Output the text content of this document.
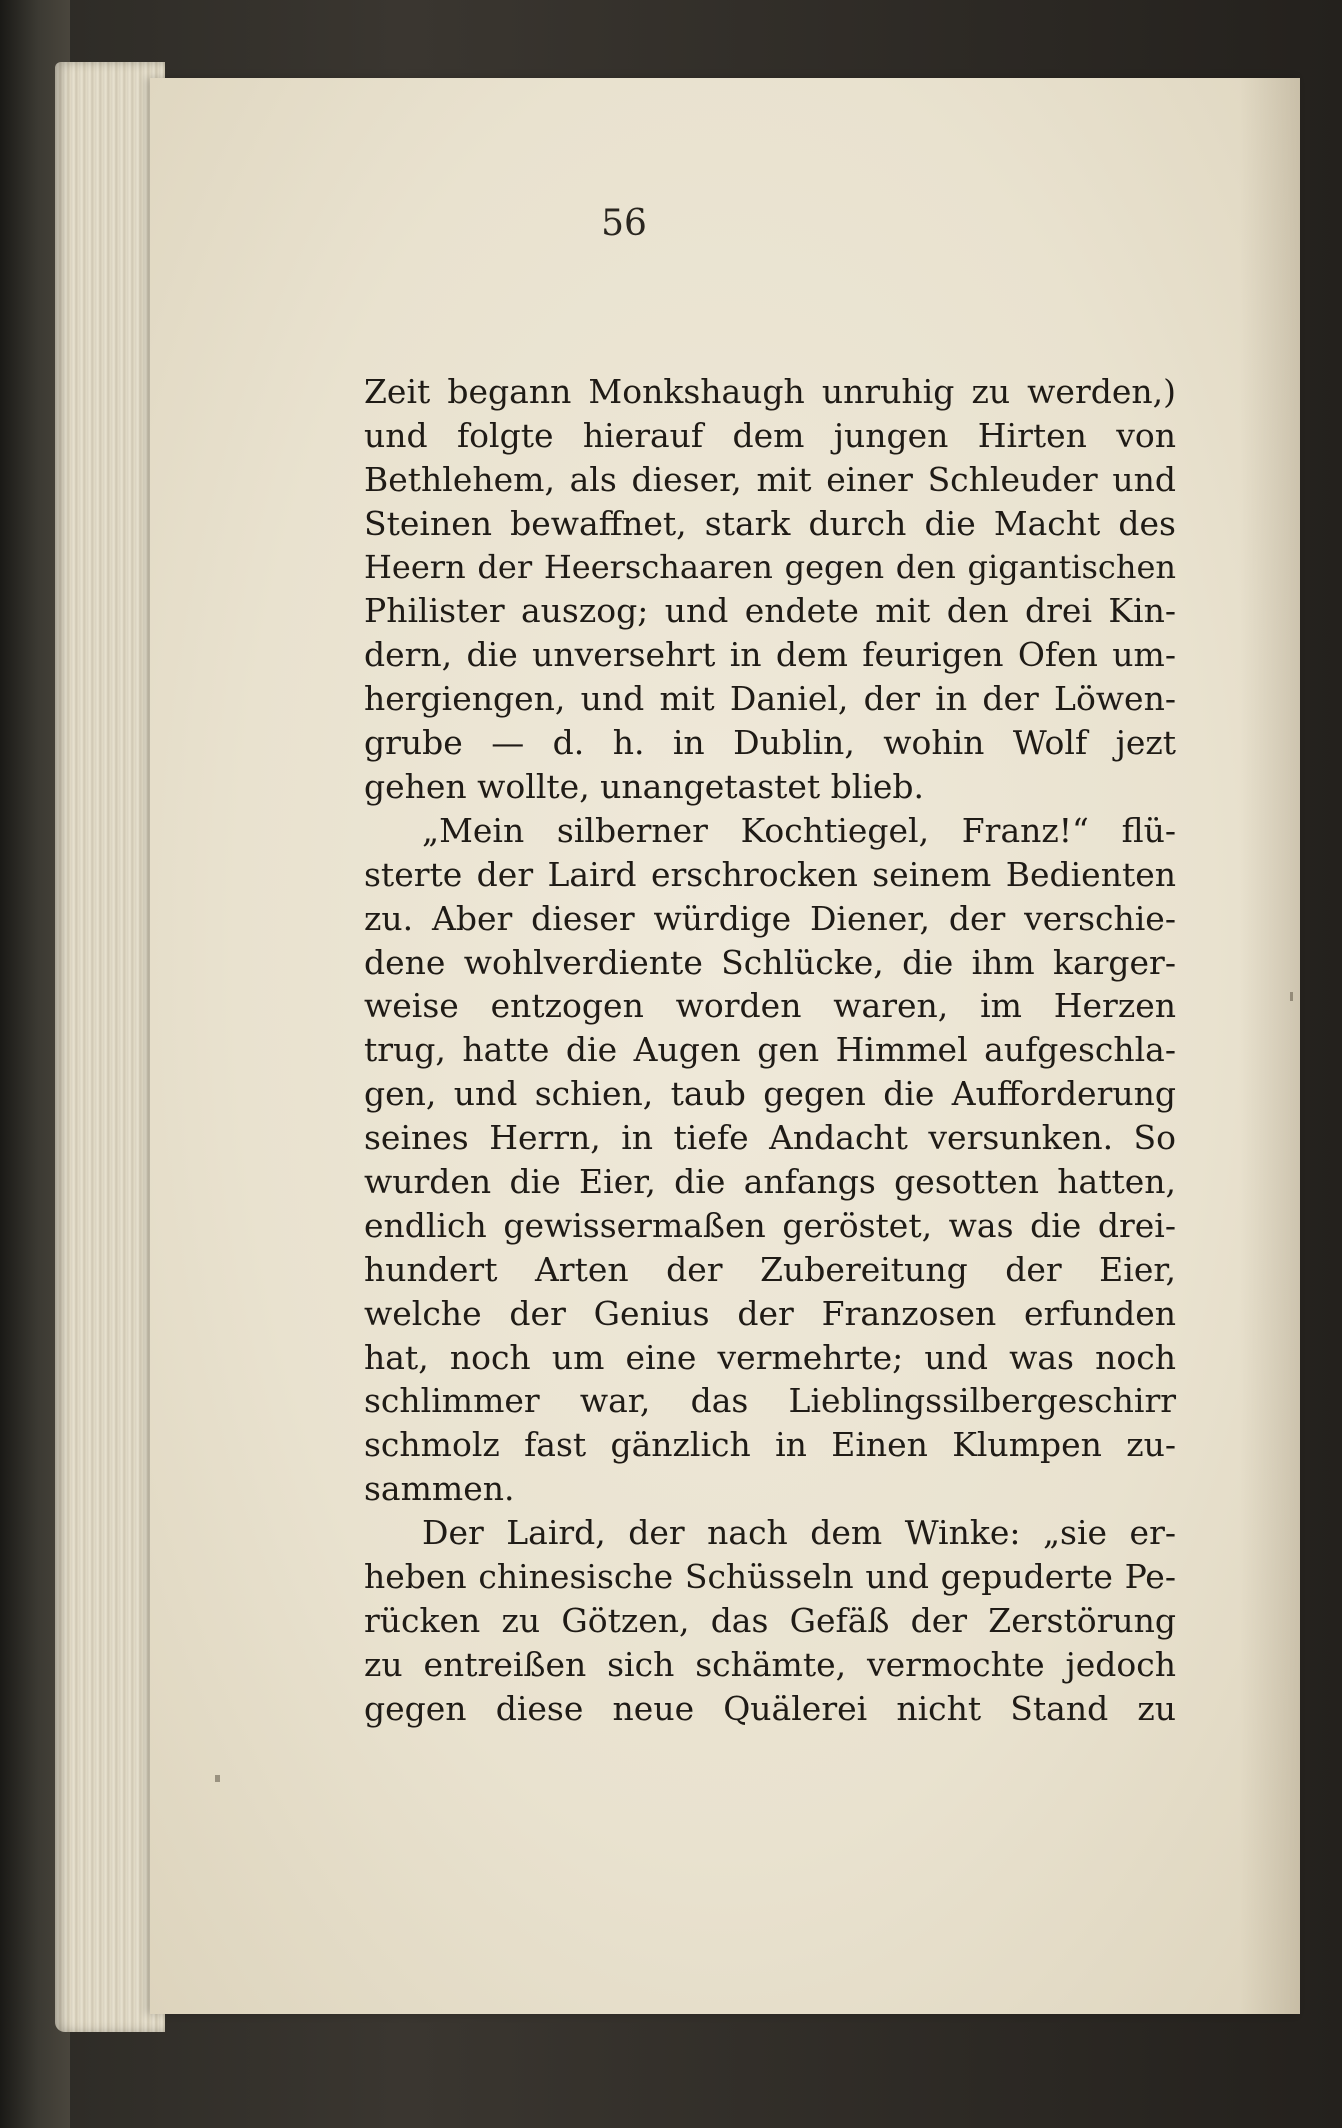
56
Zeit begann Monkshaugh unruhig zu werden,)
und folgte hierauf dem jungen Hirten von
Bethlehem, als dieser, mit einer Schleuder und
Steinen bewaffnet, stark durch die Macht des
Heern der Heerschaaren gegen den gigantischen
Philister auszog; und endete mit den drei Kin-
dern, die unversehrt in dem feurigen Ofen um-
hergiengen, und mit Daniel, der in der Löwen-
grube — d. h. in Dublin, wohin Wolf jezt
gehen wollte, unangetastet blieb.
„Mein silberner Kochtiegel, Franz!“ flü-
sterte der Laird erschrocken seinem Bedienten
zu. Aber dieser würdige Diener, der verschie-
dene wohlverdiente Schlücke, die ihm karger-
weise entzogen worden waren, im Herzen
trug, hatte die Augen gen Himmel aufgeschla-
gen, und schien, taub gegen die Aufforderung
seines Herrn, in tiefe Andacht versunken. So
wurden die Eier, die anfangs gesotten hatten,
endlich gewissermaßen geröstet, was die drei-
hundert Arten der Zubereitung der Eier,
welche der Genius der Franzosen erfunden
hat, noch um eine vermehrte; und was noch
schlimmer war, das Lieblingssilbergeschirr
schmolz fast gänzlich in Einen Klumpen zu-
sammen.
Der Laird, der nach dem Winke: „sie er-
heben chinesische Schüsseln und gepuderte Pe-
rücken zu Götzen, das Gefäß der Zerstörung
zu entreißen sich schämte, vermochte jedoch
gegen diese neue Quälerei nicht Stand zu
